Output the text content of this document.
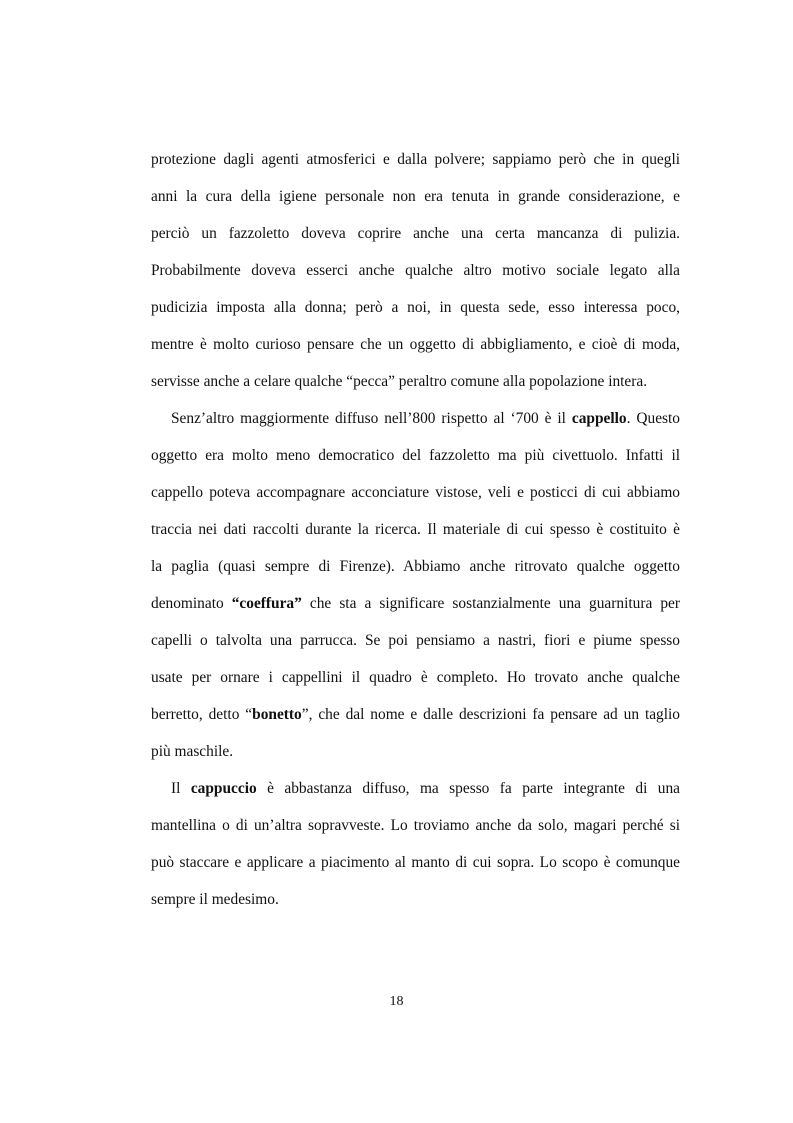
protezione dagli agenti atmosferici e dalla polvere; sappiamo però che in quegli
anni la cura della igiene personale non era tenuta in grande considerazione, e
perciò un fazzoletto doveva coprire anche una certa mancanza di pulizia.
Probabilmente doveva esserci anche qualche altro motivo sociale legato alla
pudicizia imposta alla donna; però a noi, in questa sede, esso interessa poco,
mentre è molto curioso pensare che un oggetto di abbigliamento, e cioè di moda,
servisse anche a celare qualche “pecca” peraltro comune alla popolazione intera.
Senz’altro maggiormente diffuso nell’800 rispetto al ‘700 è il cappello. Questo
oggetto era molto meno democratico del fazzoletto ma più civettuolo. Infatti il
cappello poteva accompagnare acconciature vistose, veli e posticci di cui abbiamo
traccia nei dati raccolti durante la ricerca. Il materiale di cui spesso è costituito è
la paglia (quasi sempre di Firenze). Abbiamo anche ritrovato qualche oggetto
denominato “coeffura” che sta a significare sostanzialmente una guarnitura per
capelli o talvolta una parrucca. Se poi pensiamo a nastri, fiori e piume spesso
usate per ornare i cappellini il quadro è completo. Ho trovato anche qualche
berretto, detto “bonetto”, che dal nome e dalle descrizioni fa pensare ad un taglio
più maschile.
Il cappuccio è abbastanza diffuso, ma spesso fa parte integrante di una
mantellina o di un’altra sopravveste. Lo troviamo anche da solo, magari perché si
può staccare e applicare a piacimento al manto di cui sopra. Lo scopo è comunque
sempre il medesimo.
18
